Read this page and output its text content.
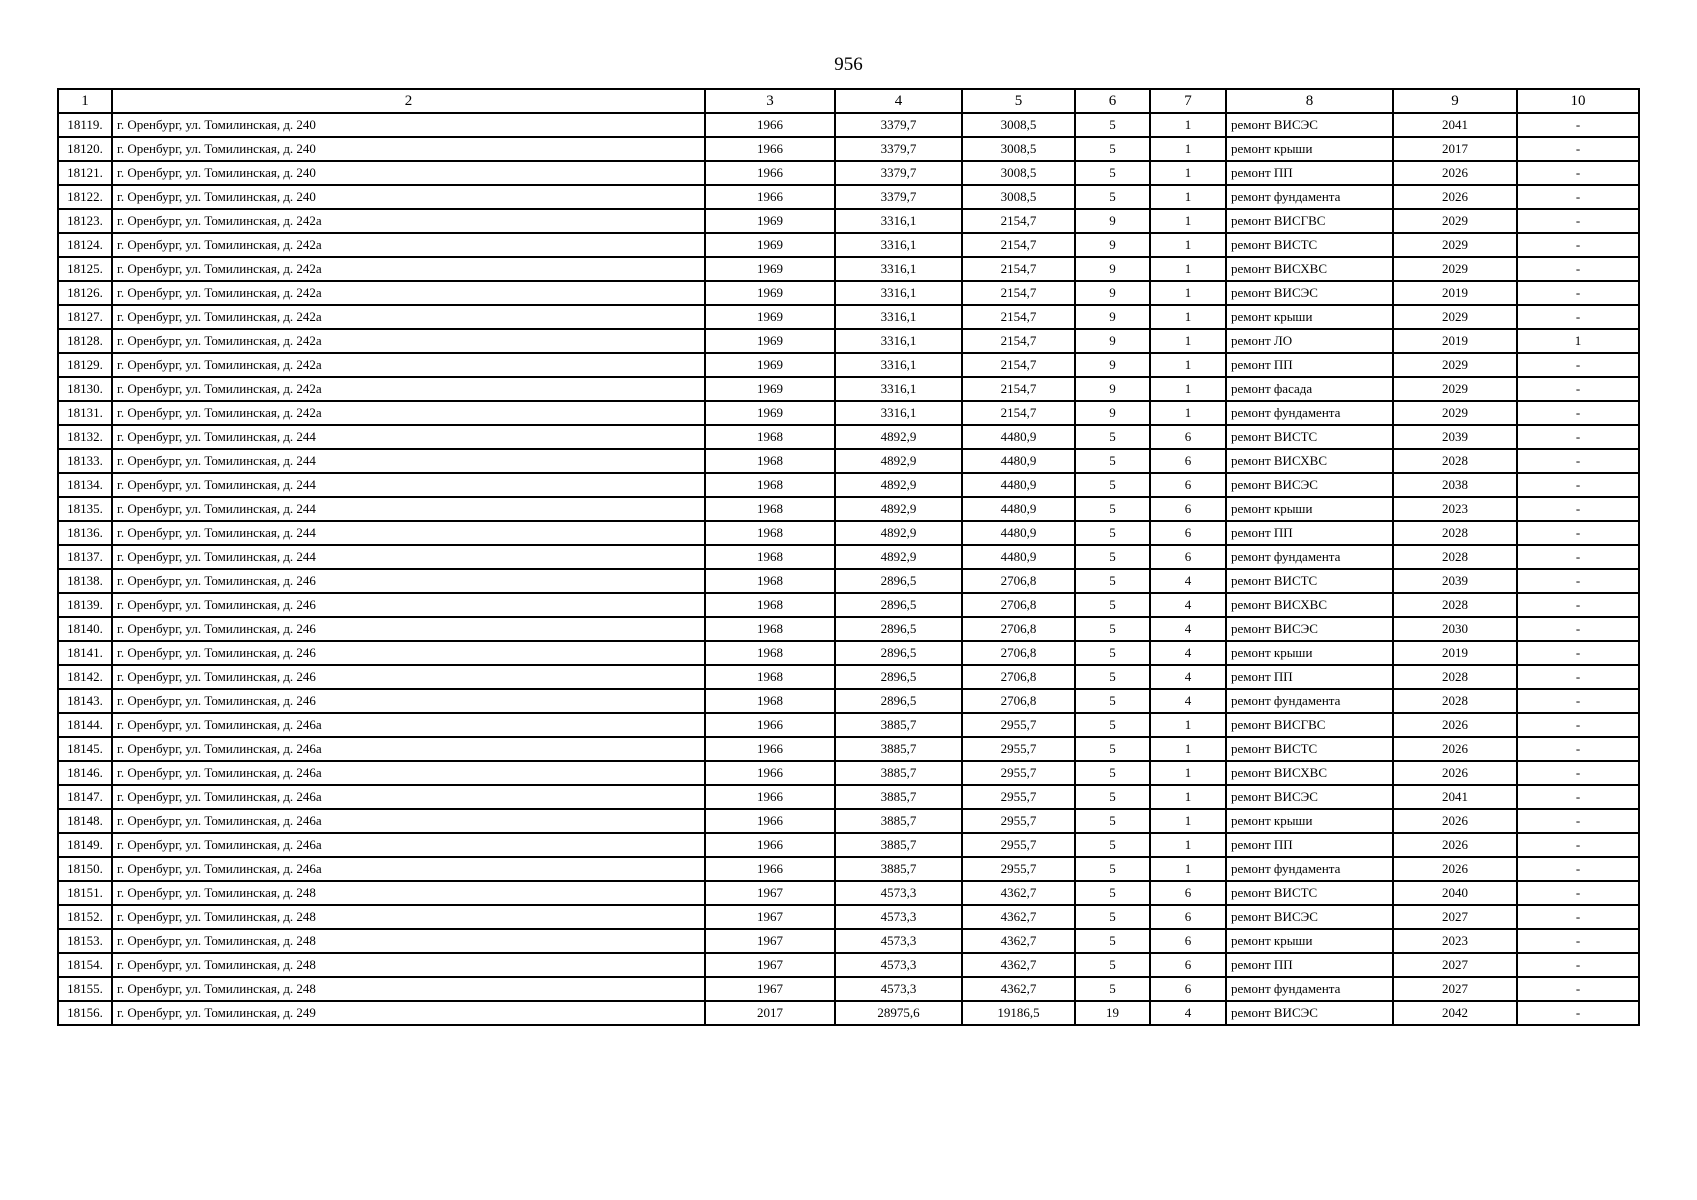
956
1	2	3	4	5	6	7	8	9	10
18119.	г. Оренбург, ул. Томилинская, д. 240	1966	3379,7	3008,5	5	1	ремонт ВИСЭС	2041	-
18120.	г. Оренбург, ул. Томилинская, д. 240	1966	3379,7	3008,5	5	1	ремонт крыши	2017	-
18121.	г. Оренбург, ул. Томилинская, д. 240	1966	3379,7	3008,5	5	1	ремонт ПП	2026	-
18122.	г. Оренбург, ул. Томилинская, д. 240	1966	3379,7	3008,5	5	1	ремонт фундамента	2026	-
18123.	г. Оренбург, ул. Томилинская, д. 242а	1969	3316,1	2154,7	9	1	ремонт ВИСГВС	2029	-
18124.	г. Оренбург, ул. Томилинская, д. 242а	1969	3316,1	2154,7	9	1	ремонт ВИСТС	2029	-
18125.	г. Оренбург, ул. Томилинская, д. 242а	1969	3316,1	2154,7	9	1	ремонт ВИСХВС	2029	-
18126.	г. Оренбург, ул. Томилинская, д. 242а	1969	3316,1	2154,7	9	1	ремонт ВИСЭС	2019	-
18127.	г. Оренбург, ул. Томилинская, д. 242а	1969	3316,1	2154,7	9	1	ремонт крыши	2029	-
18128.	г. Оренбург, ул. Томилинская, д. 242а	1969	3316,1	2154,7	9	1	ремонт ЛО	2019	1
18129.	г. Оренбург, ул. Томилинская, д. 242а	1969	3316,1	2154,7	9	1	ремонт ПП	2029	-
18130.	г. Оренбург, ул. Томилинская, д. 242а	1969	3316,1	2154,7	9	1	ремонт фасада	2029	-
18131.	г. Оренбург, ул. Томилинская, д. 242а	1969	3316,1	2154,7	9	1	ремонт фундамента	2029	-
18132.	г. Оренбург, ул. Томилинская, д. 244	1968	4892,9	4480,9	5	6	ремонт ВИСТС	2039	-
18133.	г. Оренбург, ул. Томилинская, д. 244	1968	4892,9	4480,9	5	6	ремонт ВИСХВС	2028	-
18134.	г. Оренбург, ул. Томилинская, д. 244	1968	4892,9	4480,9	5	6	ремонт ВИСЭС	2038	-
18135.	г. Оренбург, ул. Томилинская, д. 244	1968	4892,9	4480,9	5	6	ремонт крыши	2023	-
18136.	г. Оренбург, ул. Томилинская, д. 244	1968	4892,9	4480,9	5	6	ремонт ПП	2028	-
18137.	г. Оренбург, ул. Томилинская, д. 244	1968	4892,9	4480,9	5	6	ремонт фундамента	2028	-
18138.	г. Оренбург, ул. Томилинская, д. 246	1968	2896,5	2706,8	5	4	ремонт ВИСТС	2039	-
18139.	г. Оренбург, ул. Томилинская, д. 246	1968	2896,5	2706,8	5	4	ремонт ВИСХВС	2028	-
18140.	г. Оренбург, ул. Томилинская, д. 246	1968	2896,5	2706,8	5	4	ремонт ВИСЭС	2030	-
18141.	г. Оренбург, ул. Томилинская, д. 246	1968	2896,5	2706,8	5	4	ремонт крыши	2019	-
18142.	г. Оренбург, ул. Томилинская, д. 246	1968	2896,5	2706,8	5	4	ремонт ПП	2028	-
18143.	г. Оренбург, ул. Томилинская, д. 246	1968	2896,5	2706,8	5	4	ремонт фундамента	2028	-
18144.	г. Оренбург, ул. Томилинская, д. 246а	1966	3885,7	2955,7	5	1	ремонт ВИСГВС	2026	-
18145.	г. Оренбург, ул. Томилинская, д. 246а	1966	3885,7	2955,7	5	1	ремонт ВИСТС	2026	-
18146.	г. Оренбург, ул. Томилинская, д. 246а	1966	3885,7	2955,7	5	1	ремонт ВИСХВС	2026	-
18147.	г. Оренбург, ул. Томилинская, д. 246а	1966	3885,7	2955,7	5	1	ремонт ВИСЭС	2041	-
18148.	г. Оренбург, ул. Томилинская, д. 246а	1966	3885,7	2955,7	5	1	ремонт крыши	2026	-
18149.	г. Оренбург, ул. Томилинская, д. 246а	1966	3885,7	2955,7	5	1	ремонт ПП	2026	-
18150.	г. Оренбург, ул. Томилинская, д. 246а	1966	3885,7	2955,7	5	1	ремонт фундамента	2026	-
18151.	г. Оренбург, ул. Томилинская, д. 248	1967	4573,3	4362,7	5	6	ремонт ВИСТС	2040	-
18152.	г. Оренбург, ул. Томилинская, д. 248	1967	4573,3	4362,7	5	6	ремонт ВИСЭС	2027	-
18153.	г. Оренбург, ул. Томилинская, д. 248	1967	4573,3	4362,7	5	6	ремонт крыши	2023	-
18154.	г. Оренбург, ул. Томилинская, д. 248	1967	4573,3	4362,7	5	6	ремонт ПП	2027	-
18155.	г. Оренбург, ул. Томилинская, д. 248	1967	4573,3	4362,7	5	6	ремонт фундамента	2027	-
18156.	г. Оренбург, ул. Томилинская, д. 249	2017	28975,6	19186,5	19	4	ремонт ВИСЭС	2042	-
